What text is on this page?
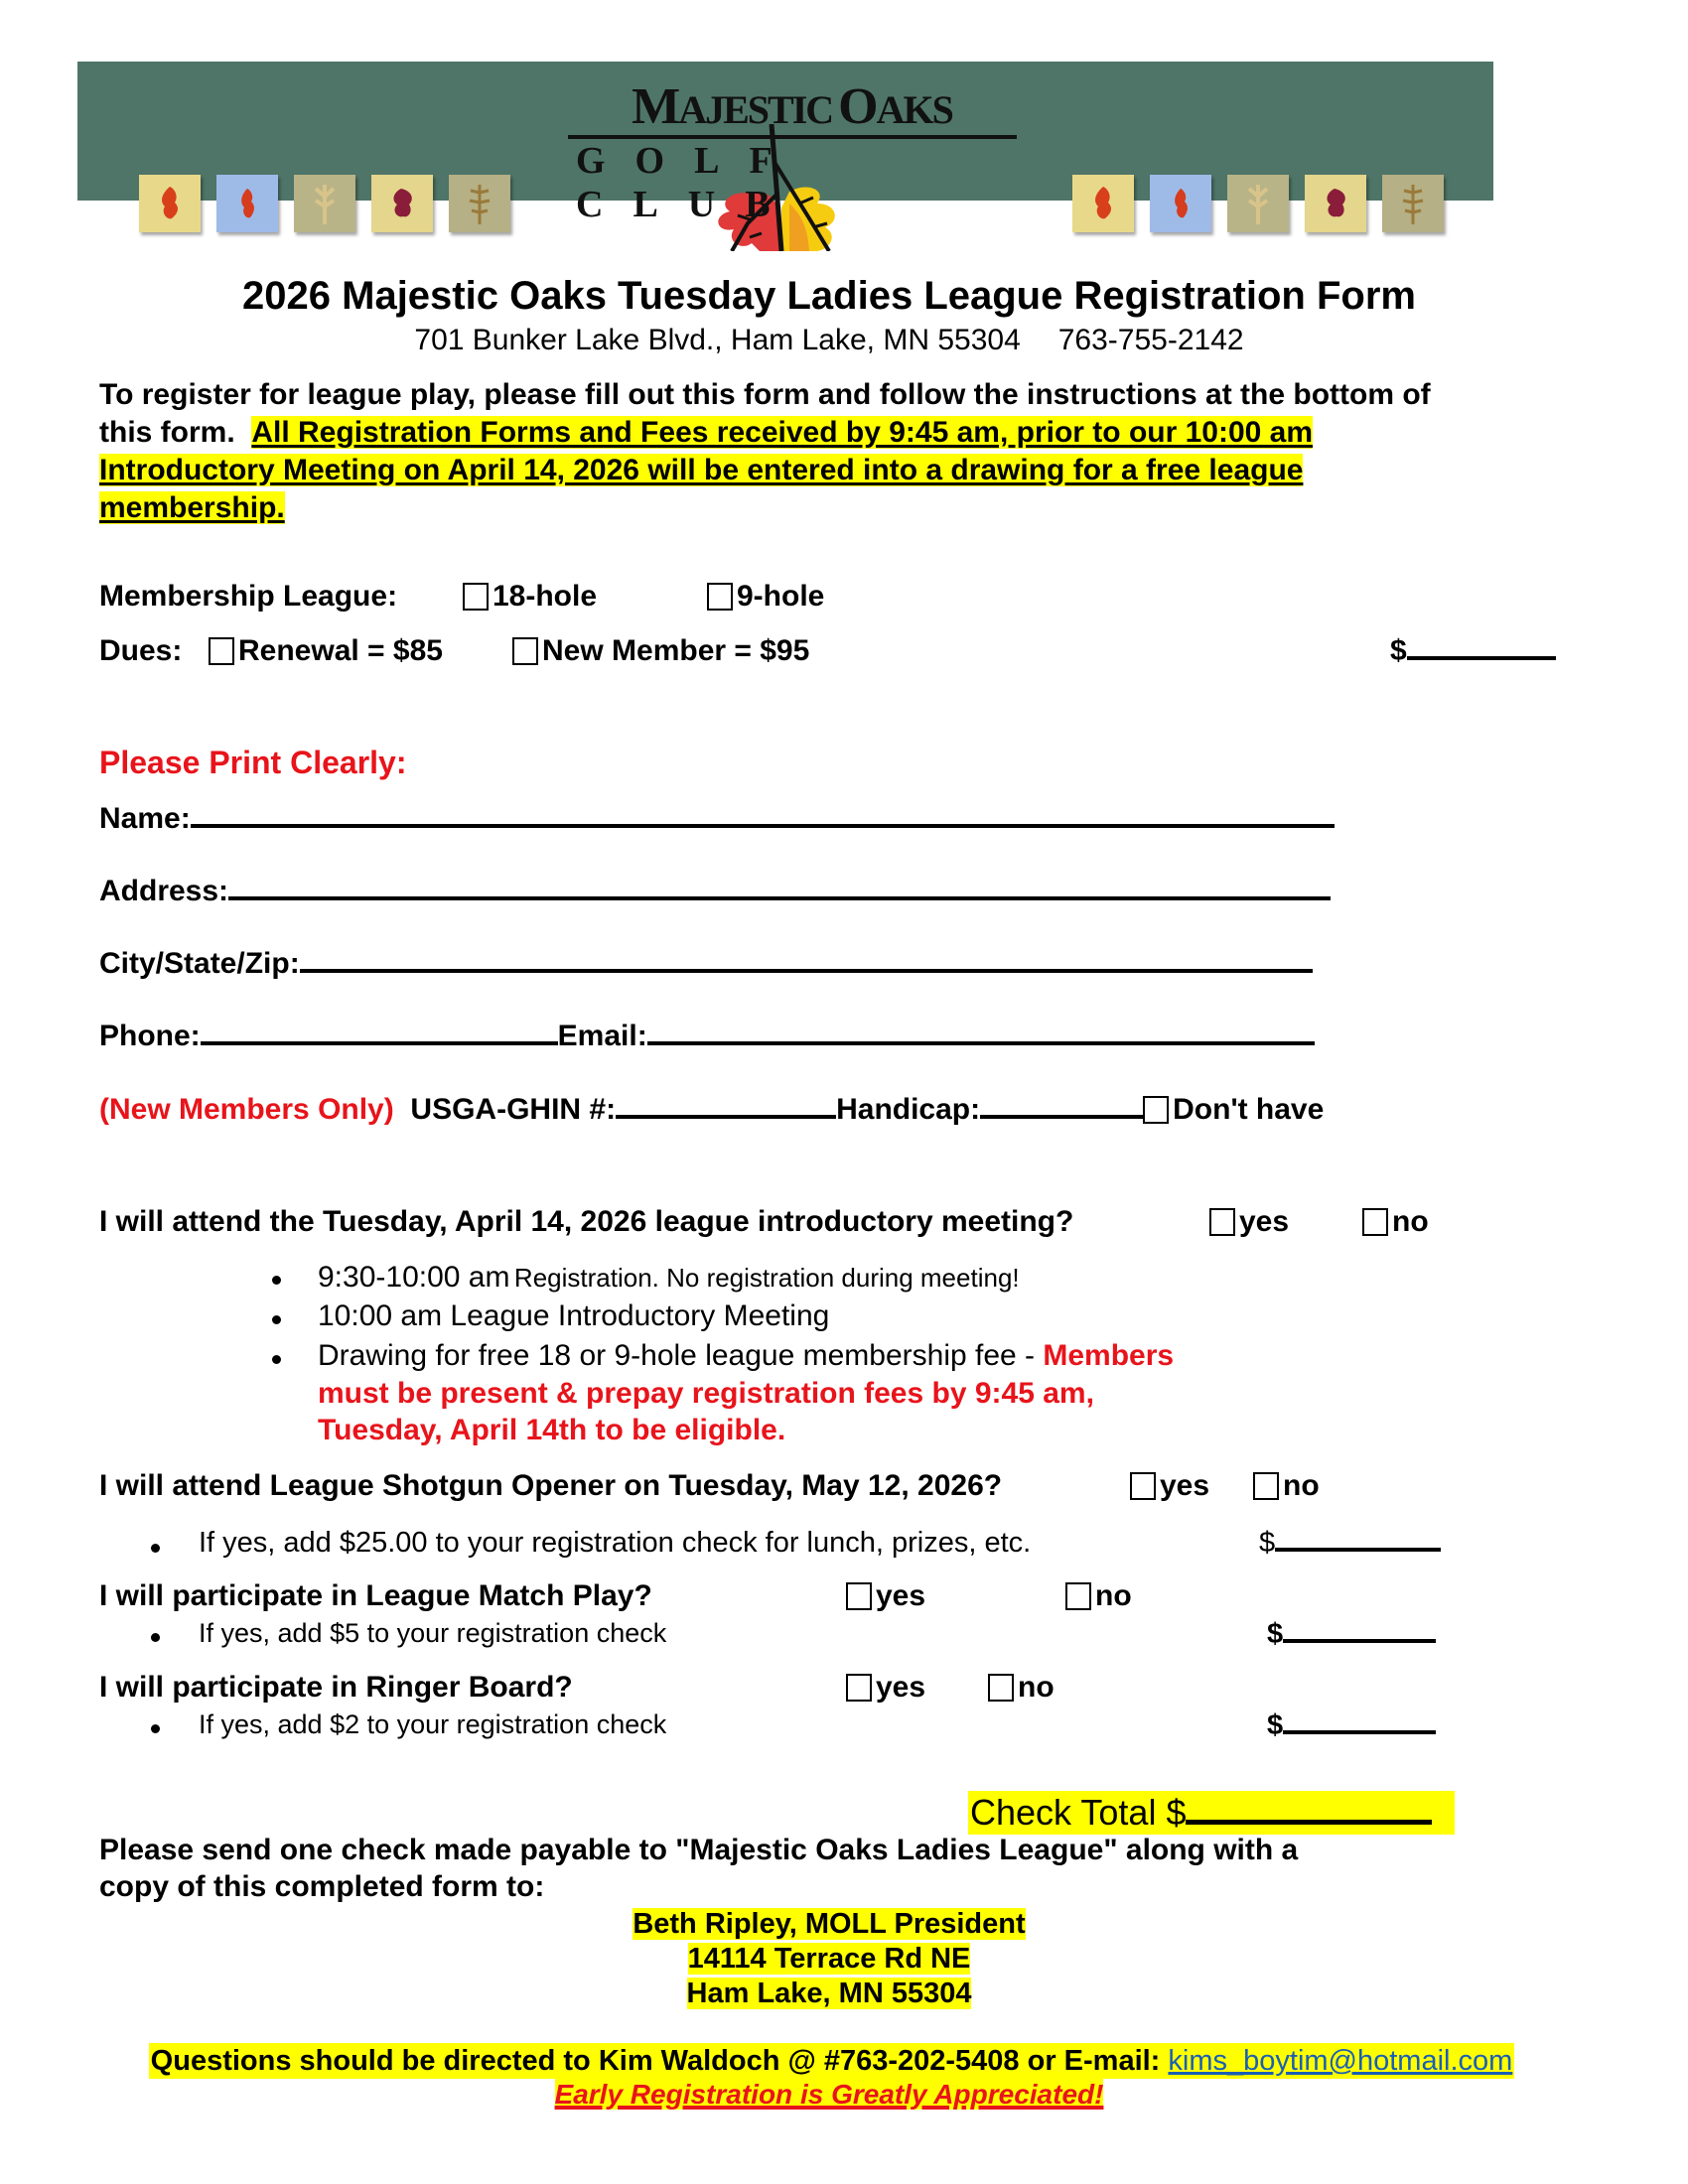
MAJESTIC OAKS
GOLF CLUB
2026 Majestic Oaks Tuesday Ladies League Registration Form
701 Bunker Lake Blvd., Ham Lake, MN 55304 763-755-2142
To register for league play, please fill out this form and follow the instructions at the bottom of
this form. All Registration Forms and Fees received by 9:45 am, prior to our 10:00 am
Introductory Meeting on April 14, 2026 will be entered into a drawing for a free league
membership.
Membership League:	18-hole	9-hole
Dues:	Renewal = $85	New Member = $95	$
Please Print Clearly:
Name:
Address:
City/State/Zip:
Phone:	Email:
(New Members Only) USGA-GHIN #:	Handicap:	Don't have
I will attend the Tuesday, April 14, 2026 league introductory meeting?	yes	no
9:30-10:00 am Registration. No registration during meeting!
10:00 am League Introductory Meeting
Drawing for free 18 or 9-hole league membership fee - Members
must be present & prepay registration fees by 9:45 am,
Tuesday, April 14th to be eligible.
I will attend League Shotgun Opener on Tuesday, May 12, 2026?	yes	no
If yes, add $25.00 to your registration check for lunch, prizes, etc.	$
I will participate in League Match Play?	yes	no
If yes, add $5 to your registration check	$
I will participate in Ringer Board?	yes	no
If yes, add $2 to your registration check	$
Check Total $
Please send one check made payable to "Majestic Oaks Ladies League" along with a
copy of this completed form to:
Beth Ripley, MOLL President
14114 Terrace Rd NE
Ham Lake, MN 55304
Questions should be directed to Kim Waldoch @ #763-202-5408 or E-mail: kims_boytim@hotmail.com
Early Registration is Greatly Appreciated!
